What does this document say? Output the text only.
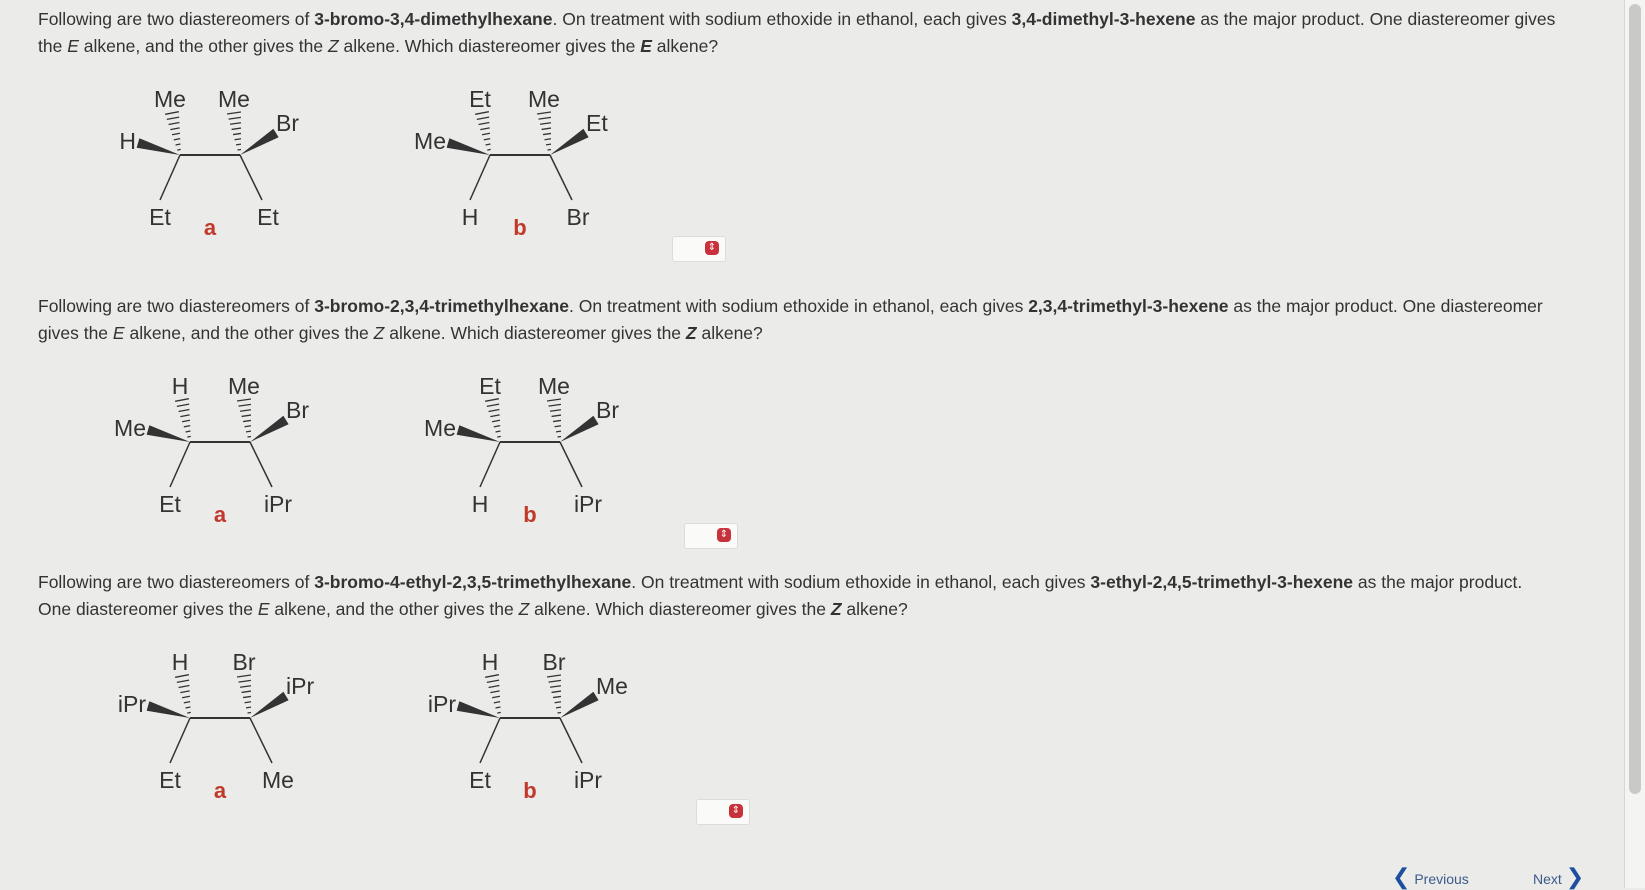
Following are two diastereomers of 3-bromo-3,4-dimethylhexane. On treatment with sodium ethoxide in ethanol, each gives 3,4-dimethyl-3-hexene as the major product. One diastereomer gives the E alkene, and the other gives the Z alkene. Which diastereomer gives the E alkene?
Me
H
Et
Me
Br
Et
a
Et
Me
H
Me
Et
Br
b
⇕
Following are two diastereomers of 3-bromo-2,3,4-trimethylhexane. On treatment with sodium ethoxide in ethanol, each gives 2,3,4-trimethyl-3-hexene as the major product. One diastereomer gives the E alkene, and the other gives the Z alkene. Which diastereomer gives the Z alkene?
H
Me
Et
Me
Br
iPr
a
Et
Me
H
Me
Br
iPr
b
⇕
Following are two diastereomers of 3-bromo-4-ethyl-2,3,5-trimethylhexane. On treatment with sodium ethoxide in ethanol, each gives 3-ethyl-2,4,5-trimethyl-3-hexene as the major product. One diastereomer gives the E alkene, and the other gives the Z alkene. Which diastereomer gives the Z alkene?
H
iPr
Et
Br
iPr
Me
a
H
iPr
Et
Br
Me
iPr
b
⇕
❮ Previous	Next ❯
